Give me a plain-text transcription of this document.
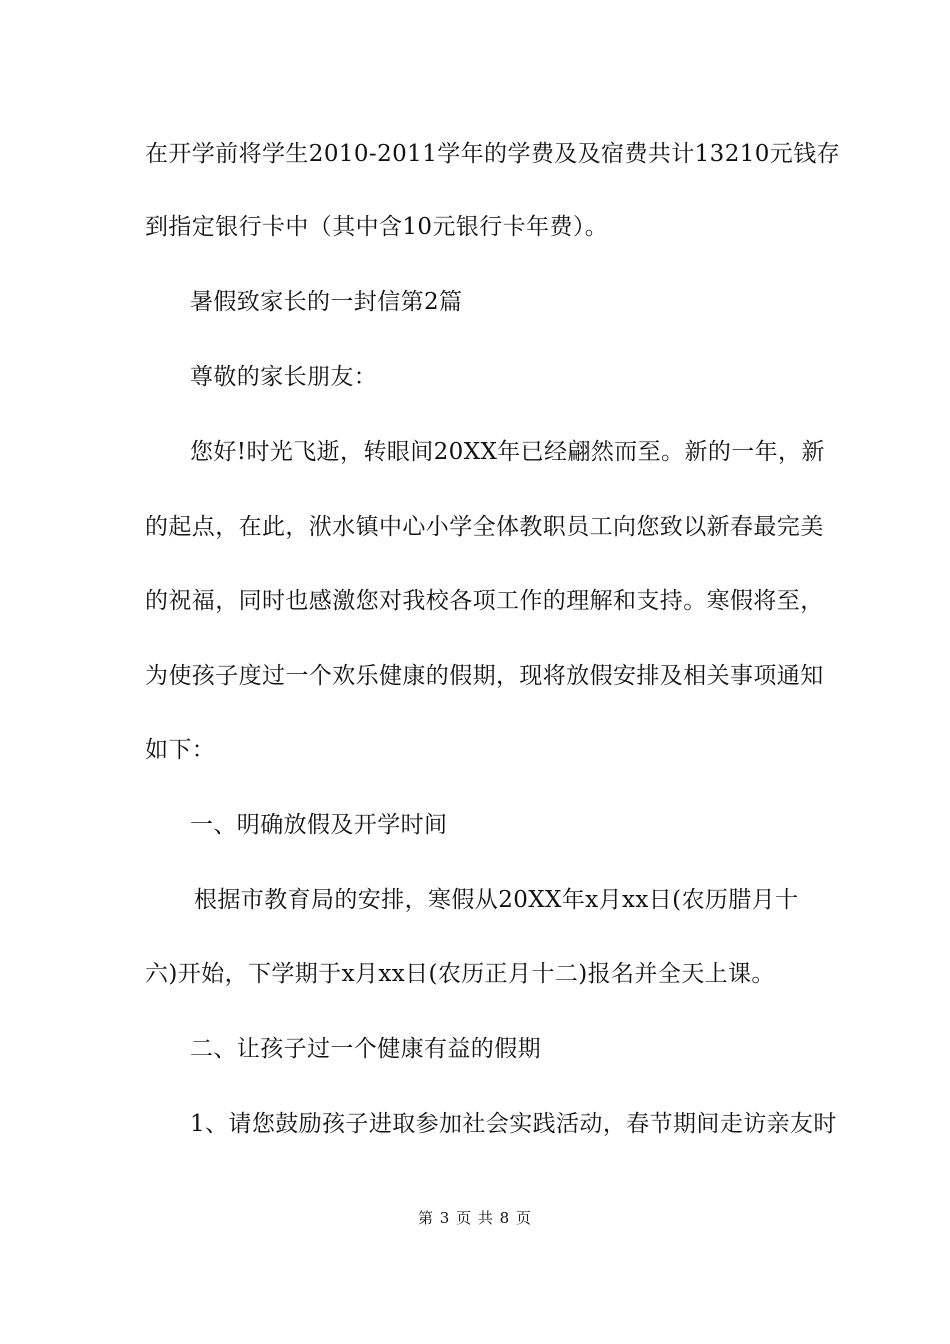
在开学前将学生2010-2011学年的学费及及宿费共计13210元钱存
到指定银行卡中（其中含10元银行卡年费）。
暑假致家长的一封信第2篇
尊敬的家长朋友：
您好!时光飞逝，转眼间20XX年已经翩然而至。新的一年，新
的起点，在此，洑水镇中心小学全体教职员工向您致以新春最完美
的祝福，同时也感激您对我校各项工作的理解和支持。寒假将至，
为使孩子度过一个欢乐健康的假期，现将放假安排及相关事项通知
如下：
一、明确放假及开学时间
根据市教育局的安排，寒假从20XX年x月xx日(农历腊月十
六)开始，下学期于x月xx日(农历正月十二)报名并全天上课。
二、让孩子过一个健康有益的假期
1、请您鼓励孩子进取参加社会实践活动，春节期间走访亲友时
第 3 页 共 8 页
